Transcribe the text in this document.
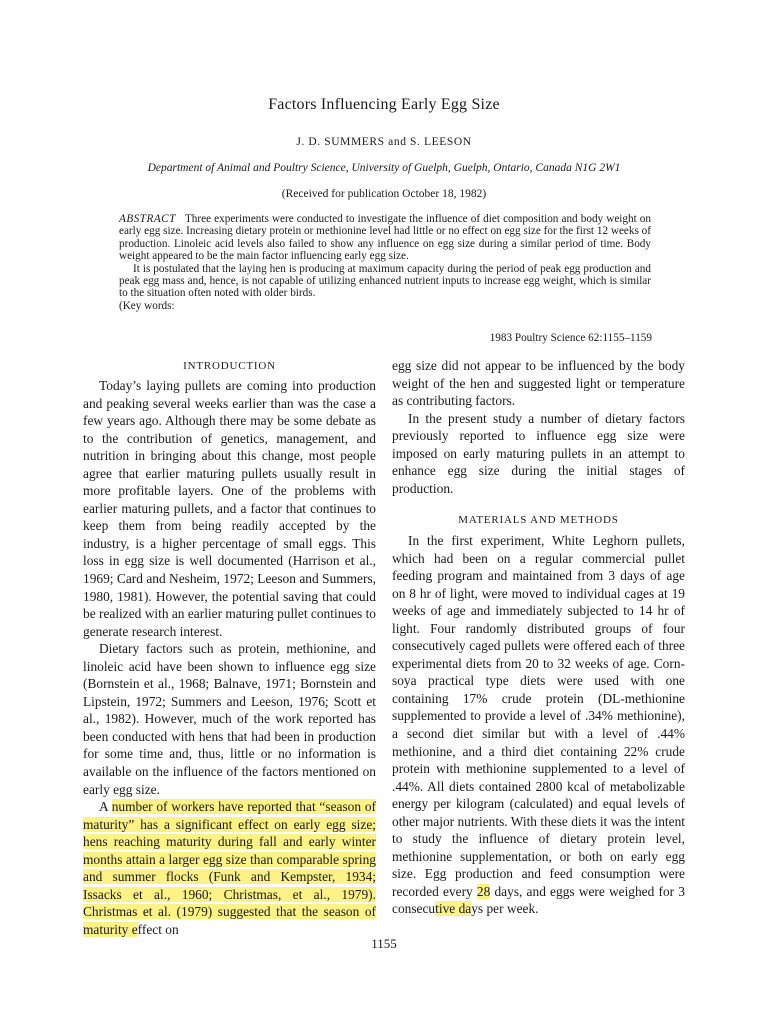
Factors Influencing Early Egg Size
J. D. SUMMERS and S. LEESON
Department of Animal and Poultry Science, University of Guelph, Guelph, Ontario, Canada N1G 2W1
(Received for publication October 18, 1982)

ABSTRACT Three experiments were conducted to investigate the influence of diet composition and body weight on early egg size. Increasing dietary protein or methionine level had little or no effect on egg size for the first 12 weeks of production. Linoleic acid levels also failed to show any influence on egg size during a similar period of time. Body weight appeared to be the main factor influencing early egg size.

It is postulated that the laying hen is producing at maximum capacity during the period of peak egg production and peak egg mass and, hence, is not capable of utilizing enhanced nutrient inputs to increase egg weight, which is similar to the situation often noted with older birds.

(Key words:

1983 Poultry Science 62:1155–1159
INTRODUCTION

Today’s laying pullets are coming into production and peaking several weeks earlier than was the case a few years ago. Although there may be some debate as to the contribution of genetics, management, and nutrition in bringing about this change, most people agree that earlier maturing pullets usually result in more profitable layers. One of the problems with earlier maturing pullets, and a factor that continues to keep them from being readily accepted by the industry, is a higher percentage of small eggs. This loss in egg size is well documented (Harrison et al., 1969; Card and Nesheim, 1972; Leeson and Summers, 1980, 1981). However, the potential saving that could be realized with an earlier maturing pullet continues to generate research interest.

Dietary factors such as protein, methionine, and linoleic acid have been shown to influence egg size (Bornstein et al., 1968; Balnave, 1971; Bornstein and Lipstein, 1972; Summers and Leeson, 1976; Scott et al., 1982). However, much of the work reported has been conducted with hens that had been in production for some time and, thus, little or no information is available on the influence of the factors mentioned on early egg size.

A number of workers have reported that “season of maturity” has a significant effect on early egg size; hens reaching maturity during fall and early winter months attain a larger egg size than comparable spring and summer flocks (Funk and Kempster, 1934; Issacks et al., 1960; Christmas, et al., 1979). Christmas et al. (1979) suggested that the season of maturity effect on

egg size did not appear to be influenced by the body weight of the hen and suggested light or temperature as contributing factors.

In the present study a number of dietary factors previously reported to influence egg size were imposed on early maturing pullets in an attempt to enhance egg size during the initial stages of production.

MATERIALS AND METHODS

In the first experiment, White Leghorn pullets, which had been on a regular commercial pullet feeding program and maintained from 3 days of age on 8 hr of light, were moved to individual cages at 19 weeks of age and immediately subjected to 14 hr of light. Four randomly distributed groups of four consecutively caged pullets were offered each of three experimental diets from 20 to 32 weeks of age. Corn-soya practical type diets were used with one containing 17% crude protein (DL-methionine supplemented to provide a level of .34% methionine), a second diet similar but with a level of .44% methionine, and a third diet containing 22% crude protein with methionine supplemented to a level of .44%. All diets contained 2800 kcal of metabolizable energy per kilogram (calculated) and equal levels of other major nutrients. With these diets it was the intent to study the influence of dietary protein level, methionine supplementation, or both on early egg size. Egg production and feed consumption were recorded every 28 days, and eggs were weighed for 3 consecutive days per week.

1155
